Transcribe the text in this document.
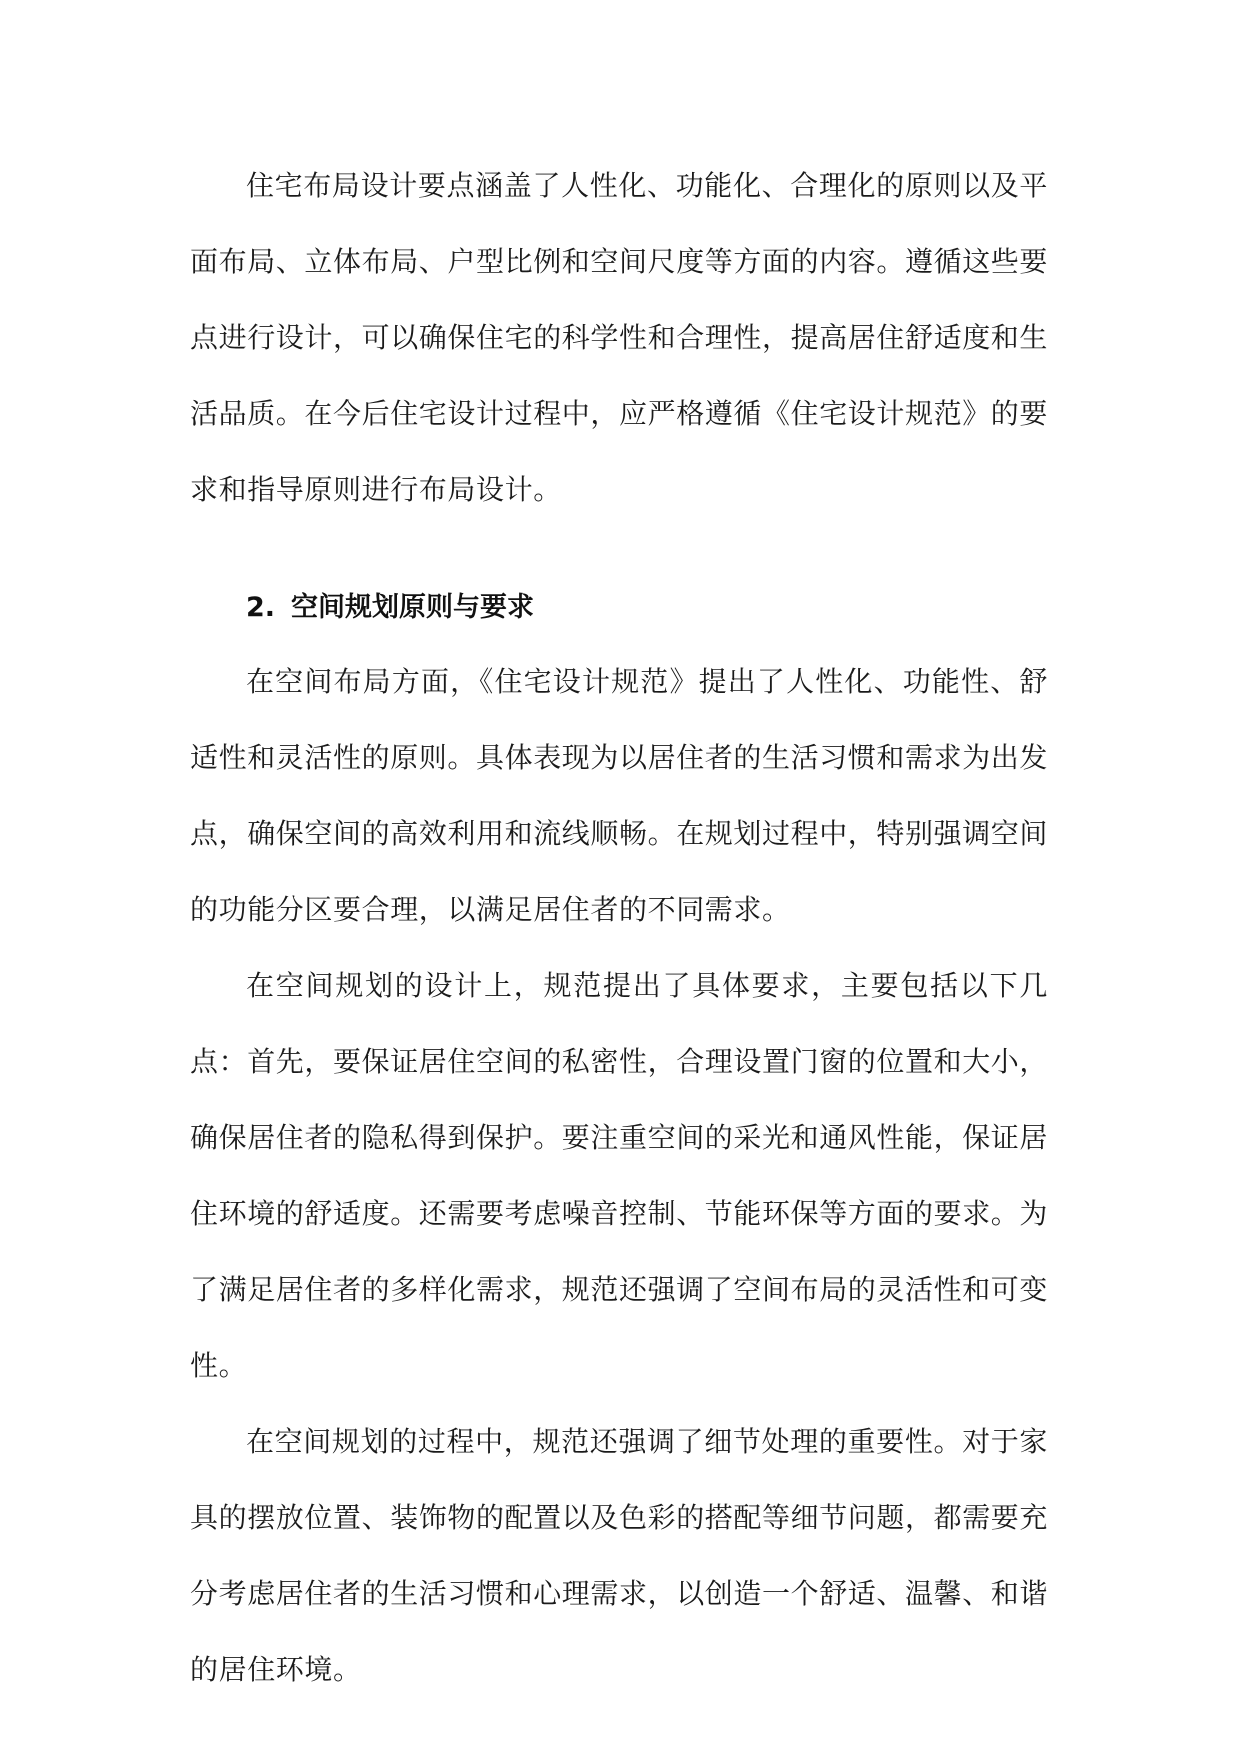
住宅布局设计要点涵盖了人性化、功能化、合理化的原则以及平面布局、立体布局、户型比例和空间尺度等方面的内容。遵循这些要点进行设计，可以确保住宅的科学性和合理性，提高居住舒适度和生活品质。在今后住宅设计过程中，应严格遵循《住宅设计规范》的要求和指导原则进行布局设计。

2. 空间规划原则与要求

在空间布局方面，《住宅设计规范》提出了人性化、功能性、舒适性和灵活性的原则。具体表现为以居住者的生活习惯和需求为出发点，确保空间的高效利用和流线顺畅。在规划过程中，特别强调空间的功能分区要合理，以满足居住者的不同需求。

在空间规划的设计上，规范提出了具体要求，主要包括以下几点：首先，要保证居住空间的私密性，合理设置门窗的位置和大小，确保居住者的隐私得到保护。要注重空间的采光和通风性能，保证居住环境的舒适度。还需要考虑噪音控制、节能环保等方面的要求。为了满足居住者的多样化需求，规范还强调了空间布局的灵活性和可变性。

在空间规划的过程中，规范还强调了细节处理的重要性。对于家具的摆放位置、装饰物的配置以及色彩的搭配等细节问题，都需要充分考虑居住者的生活习惯和心理需求，以创造一个舒适、温馨、和谐的居住环境。
